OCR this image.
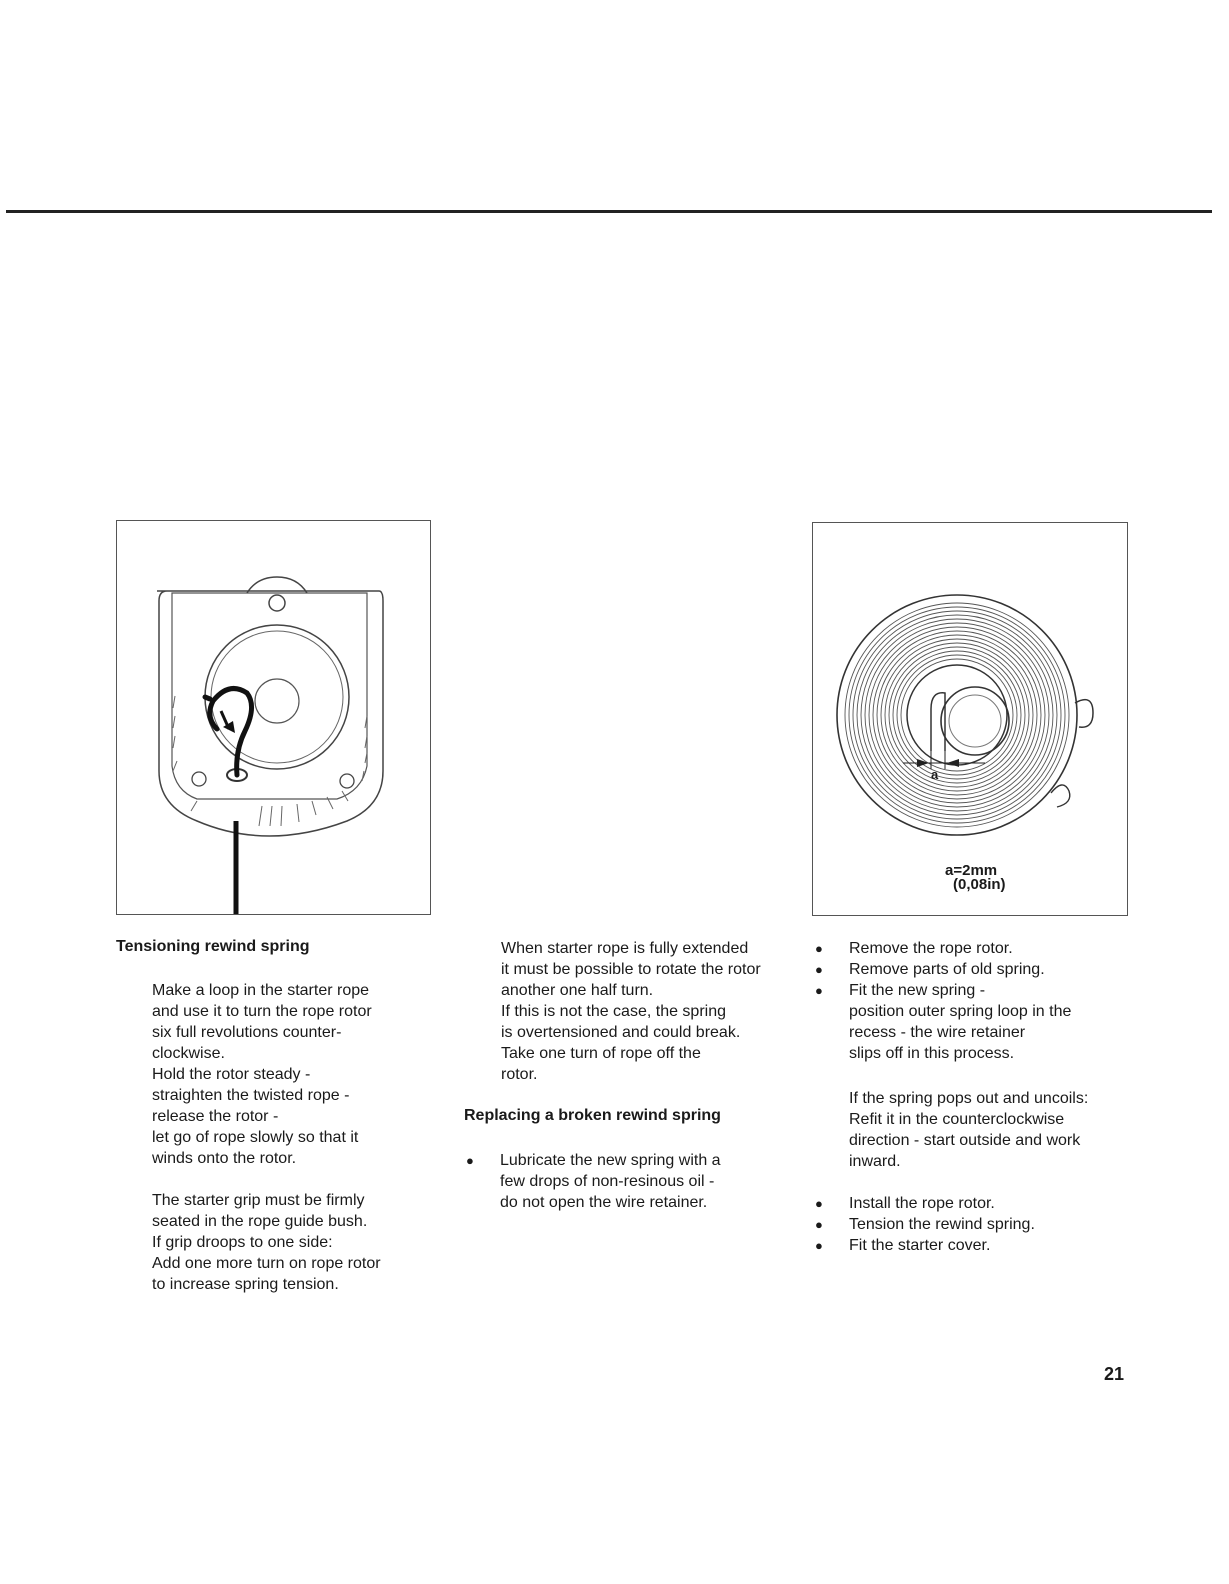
a
a=2mm
(0,08in)
Tensioning rewind spring

Make a loop in the starter rope
and use it to turn the rope rotor
six full revolutions counter-
clockwise.
Hold the rotor steady -
straighten the twisted rope -
release the rotor -
let go of rope slowly so that it
winds onto the rotor.

The starter grip must be firmly
seated in the rope guide bush.
If grip droops to one side:
Add one more turn on rope rotor
to increase spring tension.

When starter rope is fully extended
it must be possible to rotate the rotor
another one half turn.
If this is not the case, the spring
is overtensioned and could break.
Take one turn of rope off the
rotor.

Replacing a broken rewind spring
● Lubricate the new spring with a
few drops of non-resinous oil -
do not open the wire retainer.
● Remove the rope rotor.
● Remove parts of old spring.
● Fit the new spring -
position outer spring loop in the
recess - the wire retainer
slips off in this process.

If the spring pops out and uncoils:
Refit it in the counterclockwise
direction - start outside and work
inward.

● Install the rope rotor.
● Tension the rewind spring.
● Fit the starter cover.
21
